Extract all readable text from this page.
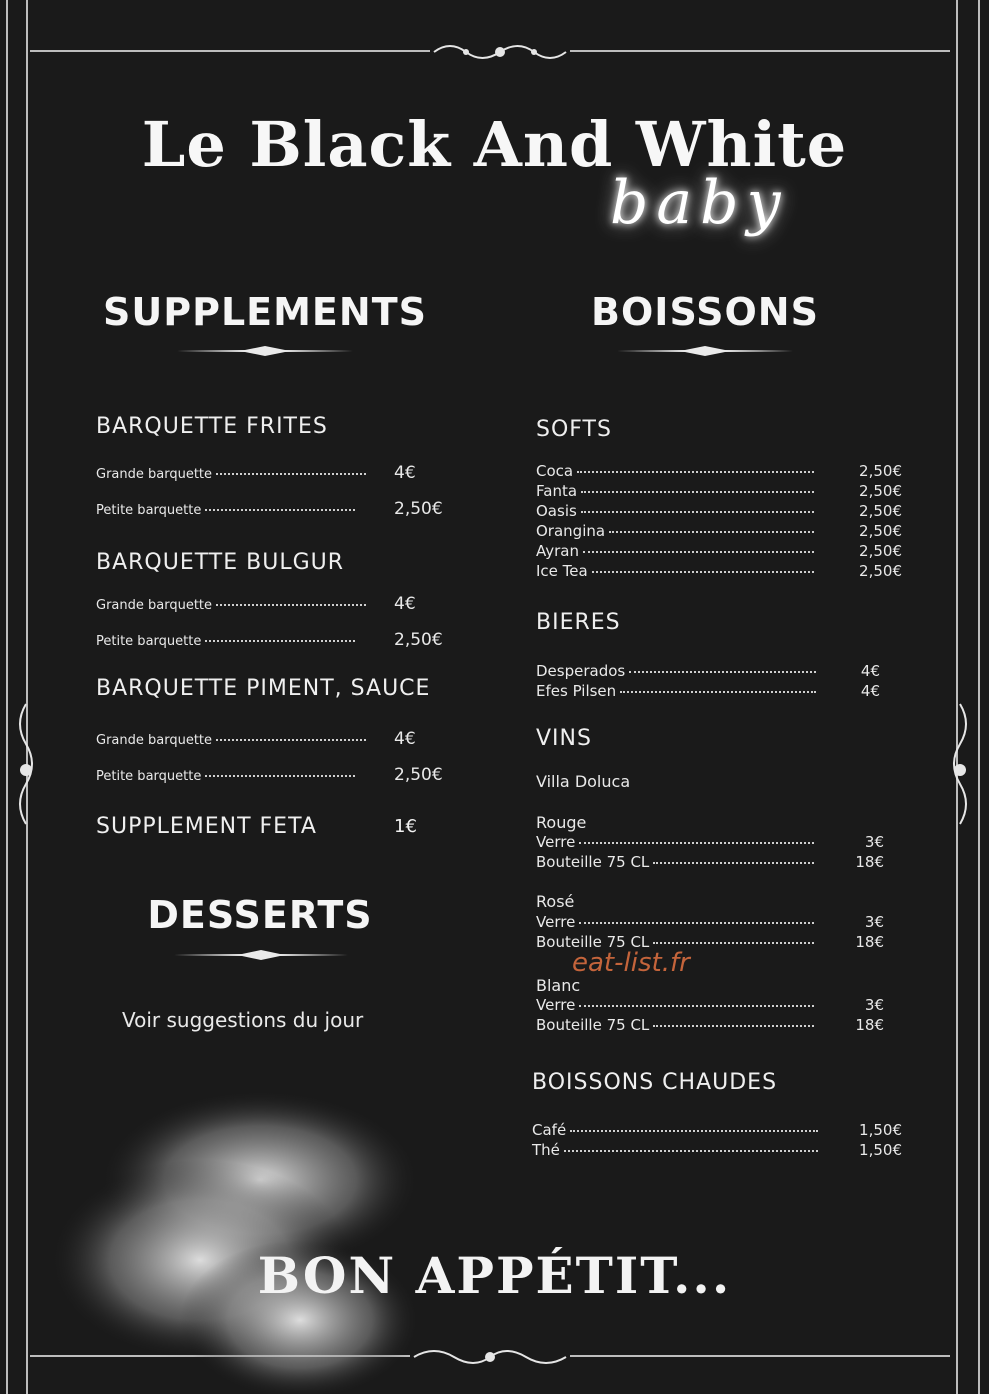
Le Black And White
baby
SUPPLEMENTS
BARQUETTE FRITES
Grande barquette	4€
Petite barquette	2,50€
BARQUETTE BULGUR
Grande barquette	4€
Petite barquette	2,50€
BARQUETTE PIMENT, SAUCE
Grande barquette	4€
Petite barquette	2,50€
SUPPLEMENT FETA	1€
DESSERTS
Voir suggestions du jour
BOISSONS
SOFTS
Coca	2,50€
Fanta	2,50€
Oasis	2,50€
Orangina	2,50€
Ayran	2,50€
Ice Tea	2,50€
BIERES
Desperados	4€
Efes Pilsen	4€
VINS
Villa Doluca
Rouge
Verre	3€
Bouteille 75 CL	18€
Rosé
Verre	3€
Bouteille 75 CL	18€
Blanc
Verre	3€
Bouteille 75 CL	18€
BOISSONS CHAUDES
Café	1,50€
Thé	1,50€
BON APPÉTIT...
eat-list.fr
